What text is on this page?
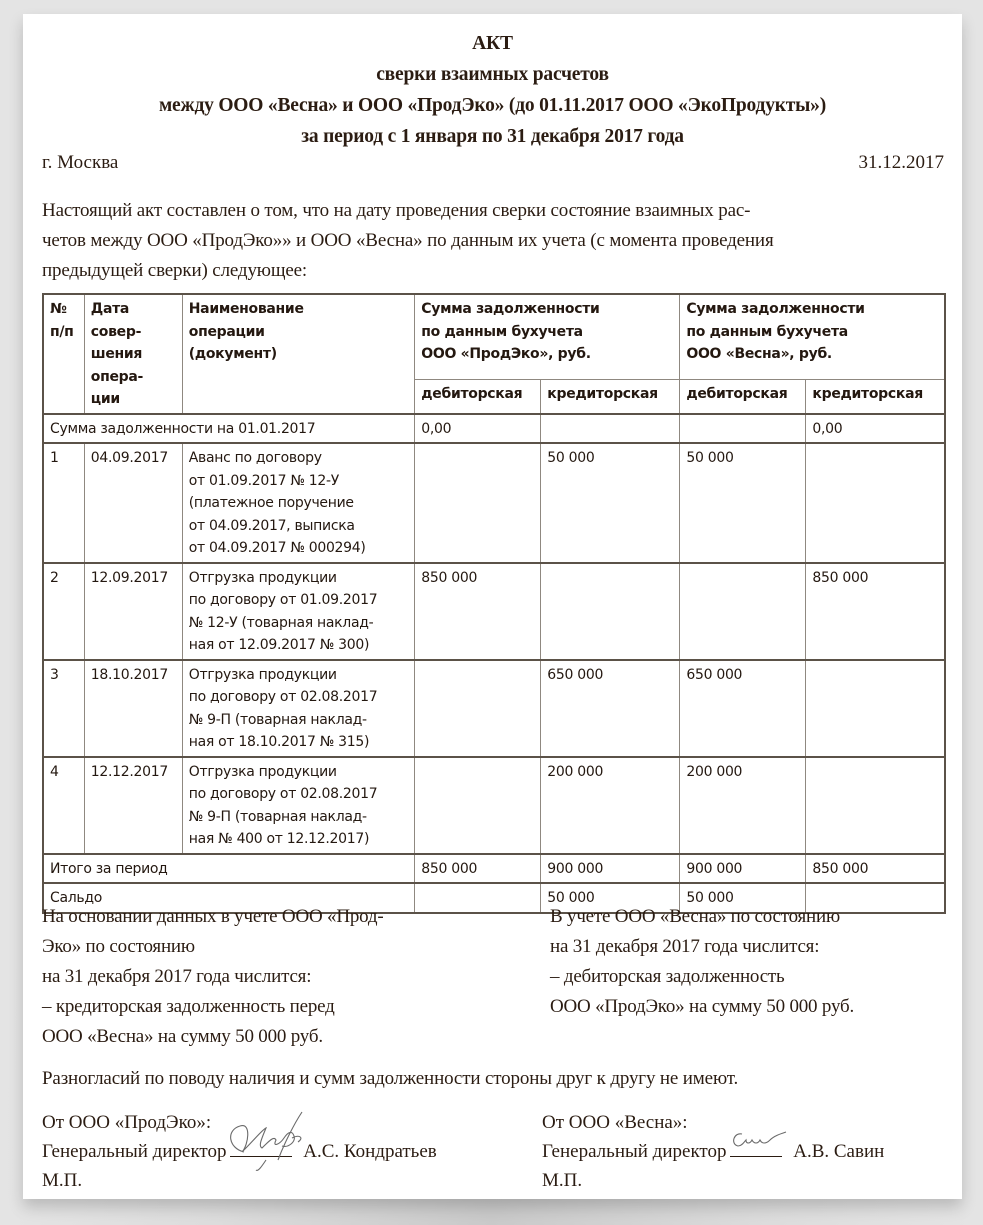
АКТ
сверки взаимных расчетов
между ООО «Весна» и ООО «ПродЭко» (до 01.11.2017 ООО «ЭкоПродукты»)
за период с 1 января по 31 декабря 2017 года
г. Москва	31.12.2017
Настоящий акт составлен о том, что на дату проведения сверки состояние взаимных рас-
четов между ООО «ПродЭко»» и ООО «Весна» по данным их учета (с момента проведения
предыдущей сверки) следующее:
№
п/п	Дата
совер-
шения
опера-
ции	Наименование
операции
(документ)	Сумма задолженности
по данным бухучета
ООО «ПродЭко», руб.		Сумма задолженности
по данным бухучета
ООО «Весна», руб.	

			дебиторская	кредиторская	дебиторская	кредиторская
Сумма задолженности на 01.01.2017			0,00			0,00
1	04.09.2017	Аванс по договору
от 01.09.2017 № 12-У
(платежное поручение
от 04.09.2017, выписка
от 04.09.2017 № 000294)		50 000	50 000	
2	12.09.2017	Отгрузка продукции
по договору от 01.09.2017
№ 12-У (товарная наклад-
ная от 12.09.2017 № 300)	850 000			850 000
3	18.10.2017	Отгрузка продукции
по договору от 02.08.2017
№ 9-П (товарная наклад-
ная от 18.10.2017 № 315)		650 000	650 000	
4	12.12.2017	Отгрузка продукции
по договору от 02.08.2017
№ 9-П (товарная наклад-
ная № 400 от 12.12.2017)		200 000	200 000	
Итого за период			850 000	900 000	900 000	850 000
Сальдо				50 000	50 000	
На основании данных в учете ООО «Прод-
Эко» по состоянию
на 31 декабря 2017 года числится:
– кредиторская задолженность перед
ООО «Весна» на сумму 50 000 руб.
В учете ООО «Весна» по состоянию
на 31 декабря 2017 года числится:
– дебиторская задолженность
ООО «ПродЭко» на сумму 50 000 руб.
Разногласий по поводу наличия и сумм задолженности стороны друг к другу не имеют.
От ООО «ПродЭко»:
Генеральный директор	А.С. Кондратьев
М.П.
От ООО «Весна»:
Генеральный директор	А.В. Савин
М.П.
